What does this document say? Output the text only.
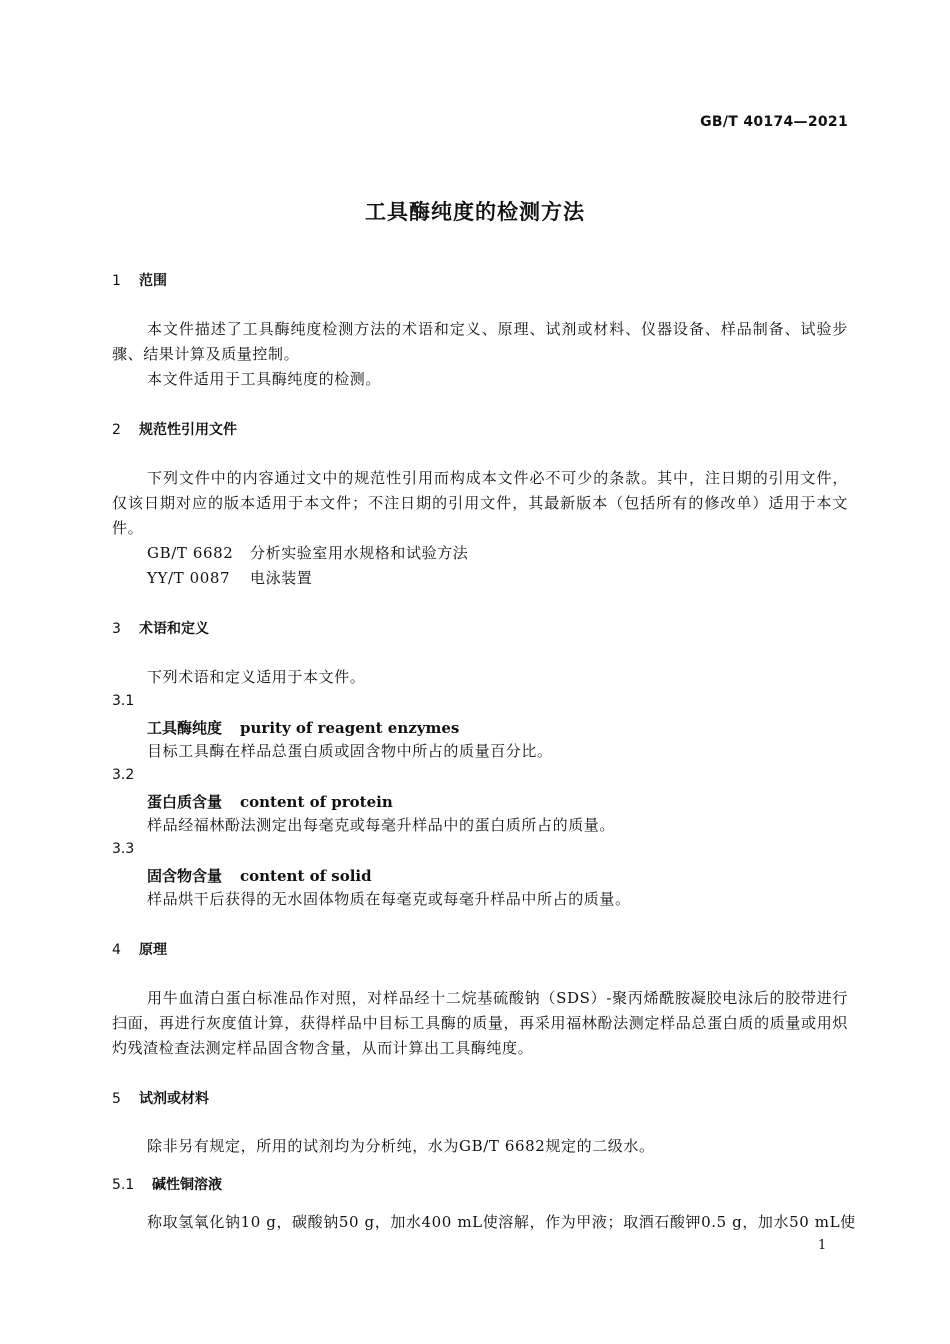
GB/T 40174—2021
工具酶纯度的检测方法
1 范围
本文件描述了工具酶纯度检测方法的术语和定义、原理、试剂或材料、仪器设备、样品制备、试验步骤、结果计算及质量控制。
本文件适用于工具酶纯度的检测。
2 规范性引用文件
下列文件中的内容通过文中的规范性引用而构成本文件必不可少的条款。其中，注日期的引用文件，仅该日期对应的版本适用于本文件；不注日期的引用文件，其最新版本（包括所有的修改单）适用于本文件。
GB/T 6682 分析实验室用水规格和试验方法
YY/T 0087 电泳装置
3 术语和定义
下列术语和定义适用于本文件。
3.1
工具酶纯度 purity of reagent enzymes
目标工具酶在样品总蛋白质或固含物中所占的质量百分比。
3.2
蛋白质含量 content of protein
样品经福林酚法测定出每毫克或每毫升样品中的蛋白质所占的质量。
3.3
固含物含量 content of solid
样品烘干后获得的无水固体物质在每毫克或每毫升样品中所占的质量。
4 原理
用牛血清白蛋白标准品作对照，对样品经十二烷基硫酸钠（SDS）-聚丙烯酰胺凝胶电泳后的胶带进行扫面，再进行灰度值计算，获得样品中目标工具酶的质量，再采用福林酚法测定样品总蛋白质的质量或用炽灼残渣检查法测定样品固含物含量，从而计算出工具酶纯度。
5 试剂或材料
除非另有规定，所用的试剂均为分析纯，水为GB/T 6682规定的二级水。
5.1 碱性铜溶液
称取氢氧化钠10 g，碳酸钠50 g，加水400 mL使溶解，作为甲液；取酒石酸钾0.5 g，加水50 mL使
1
